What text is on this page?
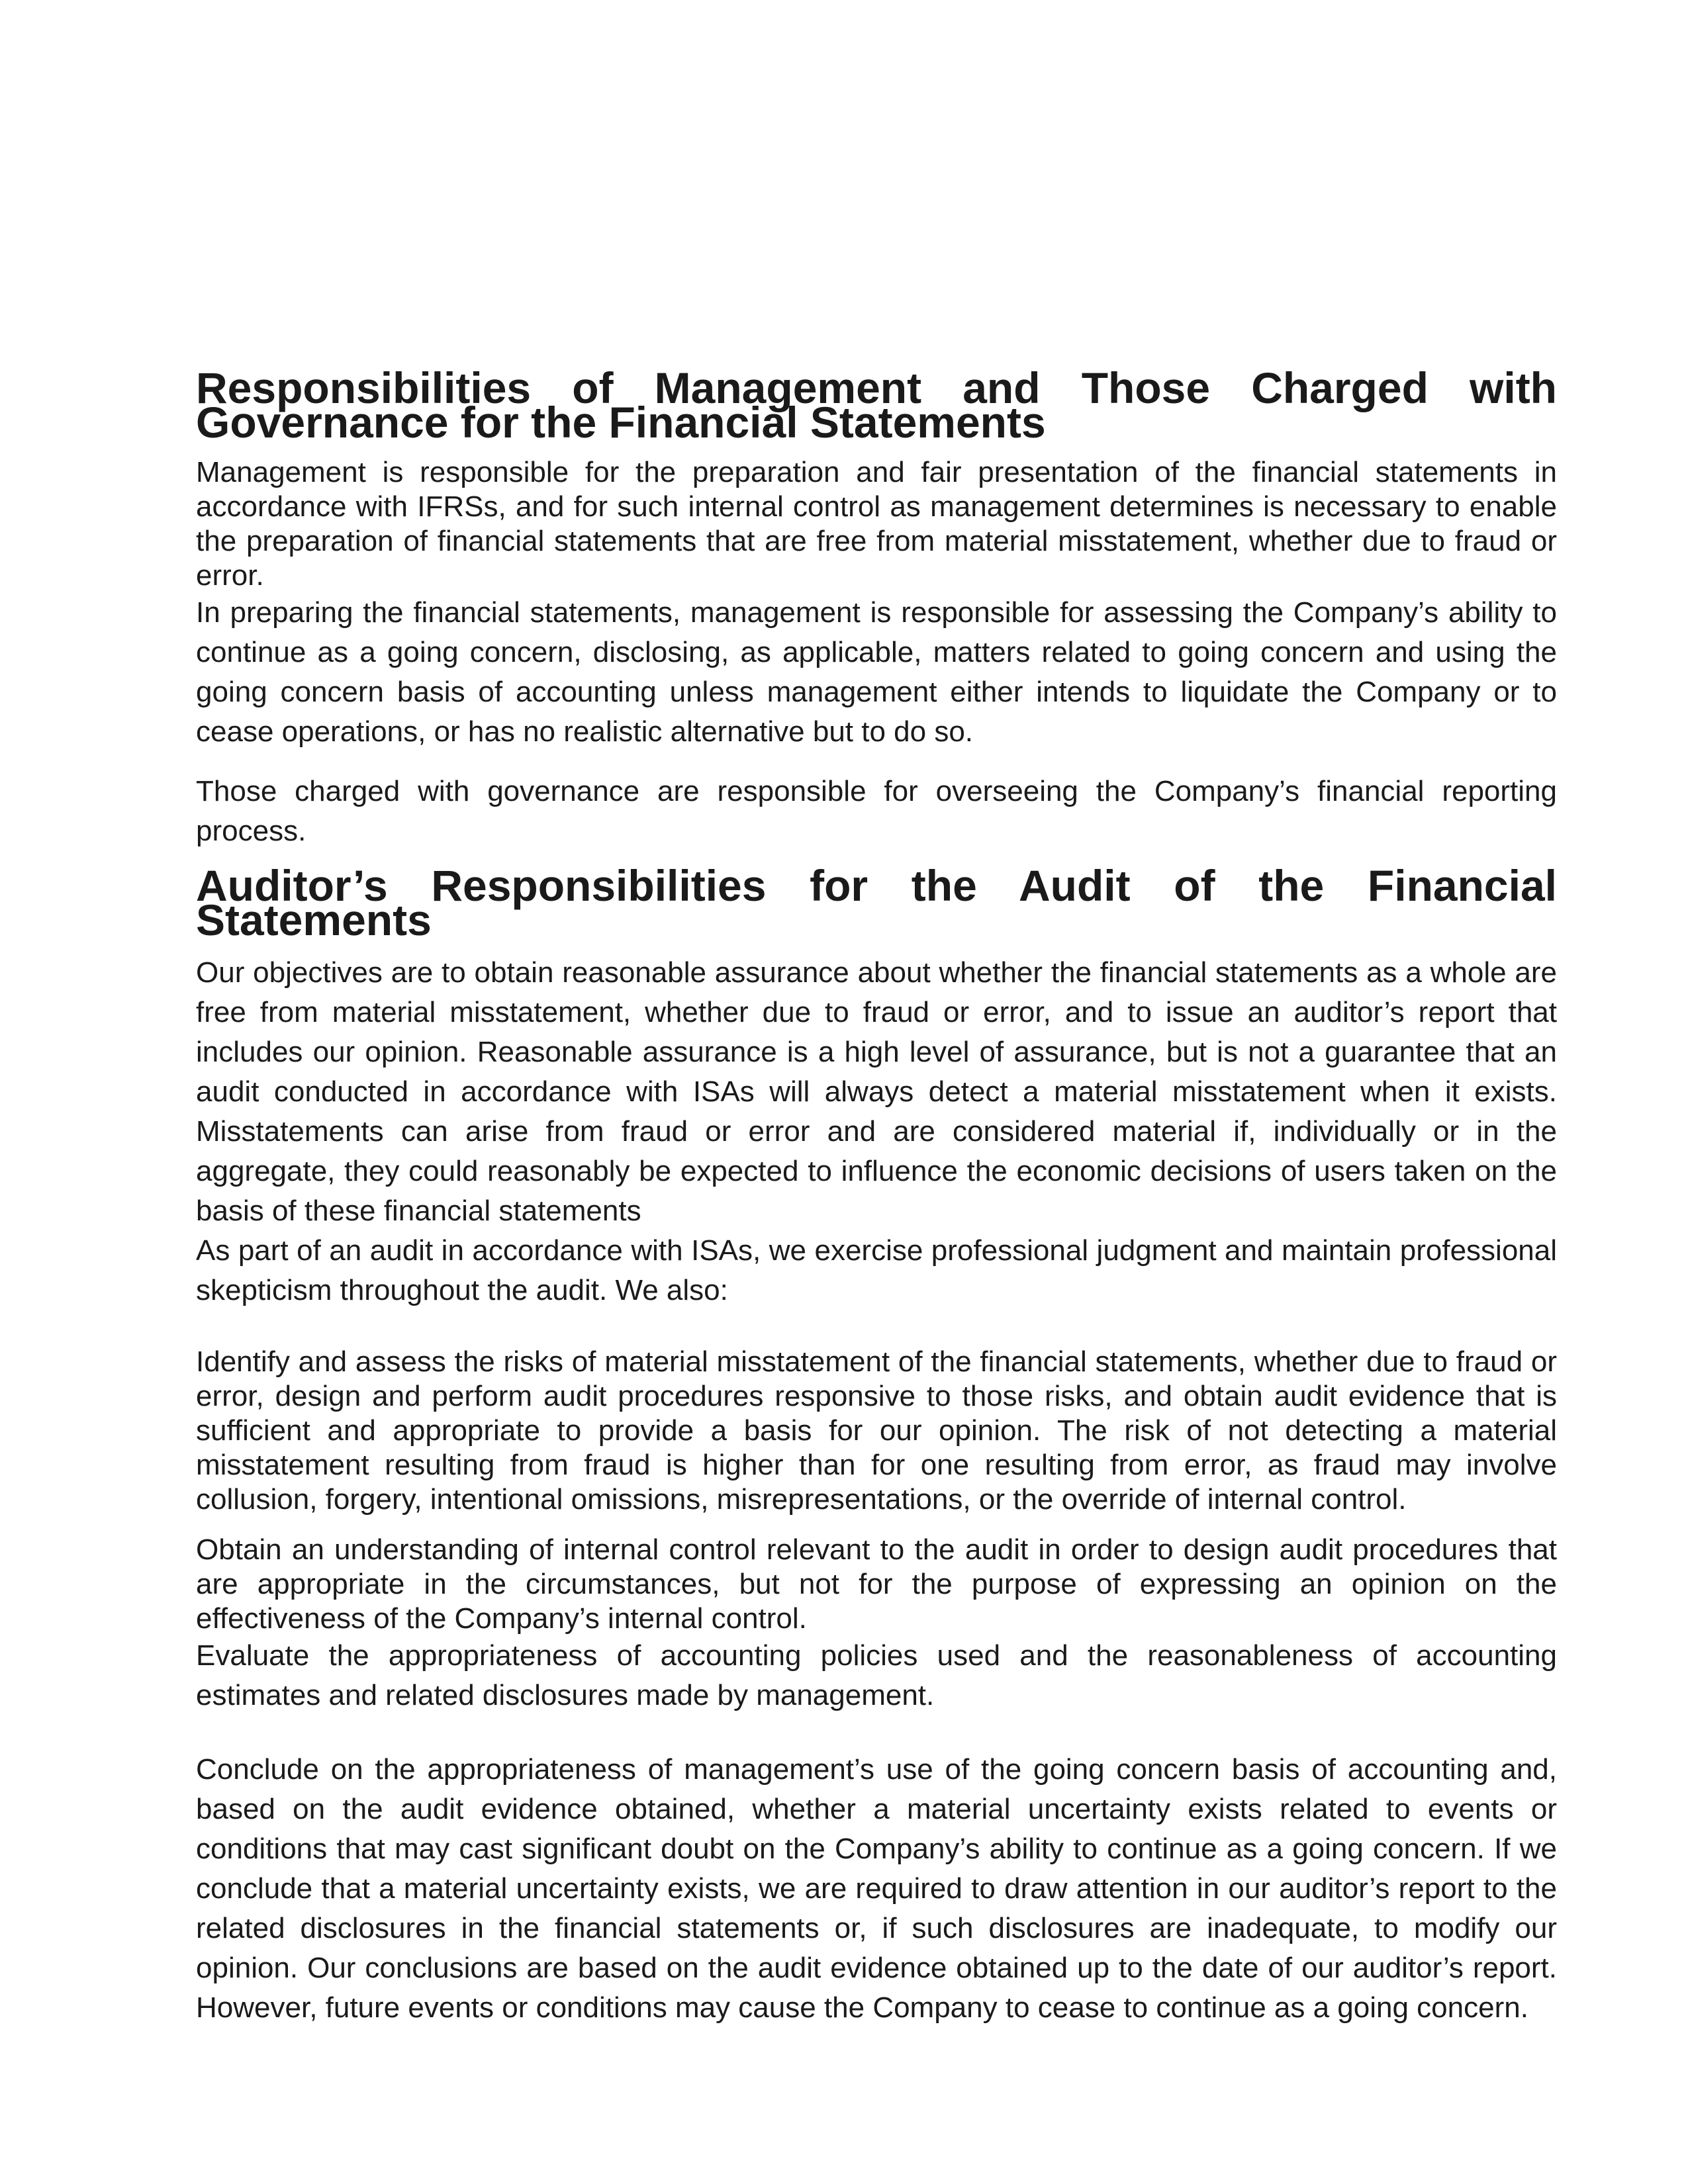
Responsibilities of Management and Those Charged with Governance for the Financial Statements

Management is responsible for the preparation and fair presentation of the financial statements in accordance with IFRSs, and for such internal control as management determines is necessary to enable the preparation of financial statements that are free from material misstatement, whether due to fraud or error.

In preparing the financial statements, management is responsible for assessing the Company’s ability to continue as a going concern, disclosing, as applicable, matters related to going concern and using the going concern basis of accounting unless management either intends to liquidate the Company or to cease operations, or has no realistic alternative but to do so.

Those charged with governance are responsible for overseeing the Company’s financial reporting process.

Auditor’s Responsibilities for the Audit of the Financial Statements

Our objectives are to obtain reasonable assurance about whether the financial statements as a whole are free from material misstatement, whether due to fraud or error, and to issue an auditor’s report that includes our opinion. Reasonable assurance is a high level of assurance, but is not a guarantee that an audit conducted in accordance with ISAs will always detect a material misstatement when it exists. Misstatements can arise from fraud or error and are considered material if, individually or in the aggregate, they could reasonably be expected to influence the economic decisions of users taken on the basis of these financial statements

As part of an audit in accordance with ISAs, we exercise professional judgment and maintain professional skepticism throughout the audit. We also:

Identify and assess the risks of material misstatement of the financial statements, whether due to fraud or error, design and perform audit procedures responsive to those risks, and obtain audit evidence that is sufficient and appropriate to provide a basis for our opinion. The risk of not detecting a material misstatement resulting from fraud is higher than for one resulting from error, as fraud may involve collusion, forgery, intentional omissions, misrepresentations, or the override of internal control.

Obtain an understanding of internal control relevant to the audit in order to design audit procedures that are appropriate in the circumstances, but not for the purpose of expressing an opinion on the effectiveness of the Company’s internal control.

Evaluate the appropriateness of accounting policies used and the reasonableness of accounting estimates and related disclosures made by management.

Conclude on the appropriateness of management’s use of the going concern basis of accounting and, based on the audit evidence obtained, whether a material uncertainty exists related to events or conditions that may cast significant doubt on the Company’s ability to continue as a going concern. If we conclude that a material uncertainty exists, we are required to draw attention in our auditor’s report to the related disclosures in the financial statements or, if such disclosures are inadequate, to modify our opinion. Our conclusions are based on the audit evidence obtained up to the date of our auditor’s report. However, future events or conditions may cause the Company to cease to continue as a going concern.
